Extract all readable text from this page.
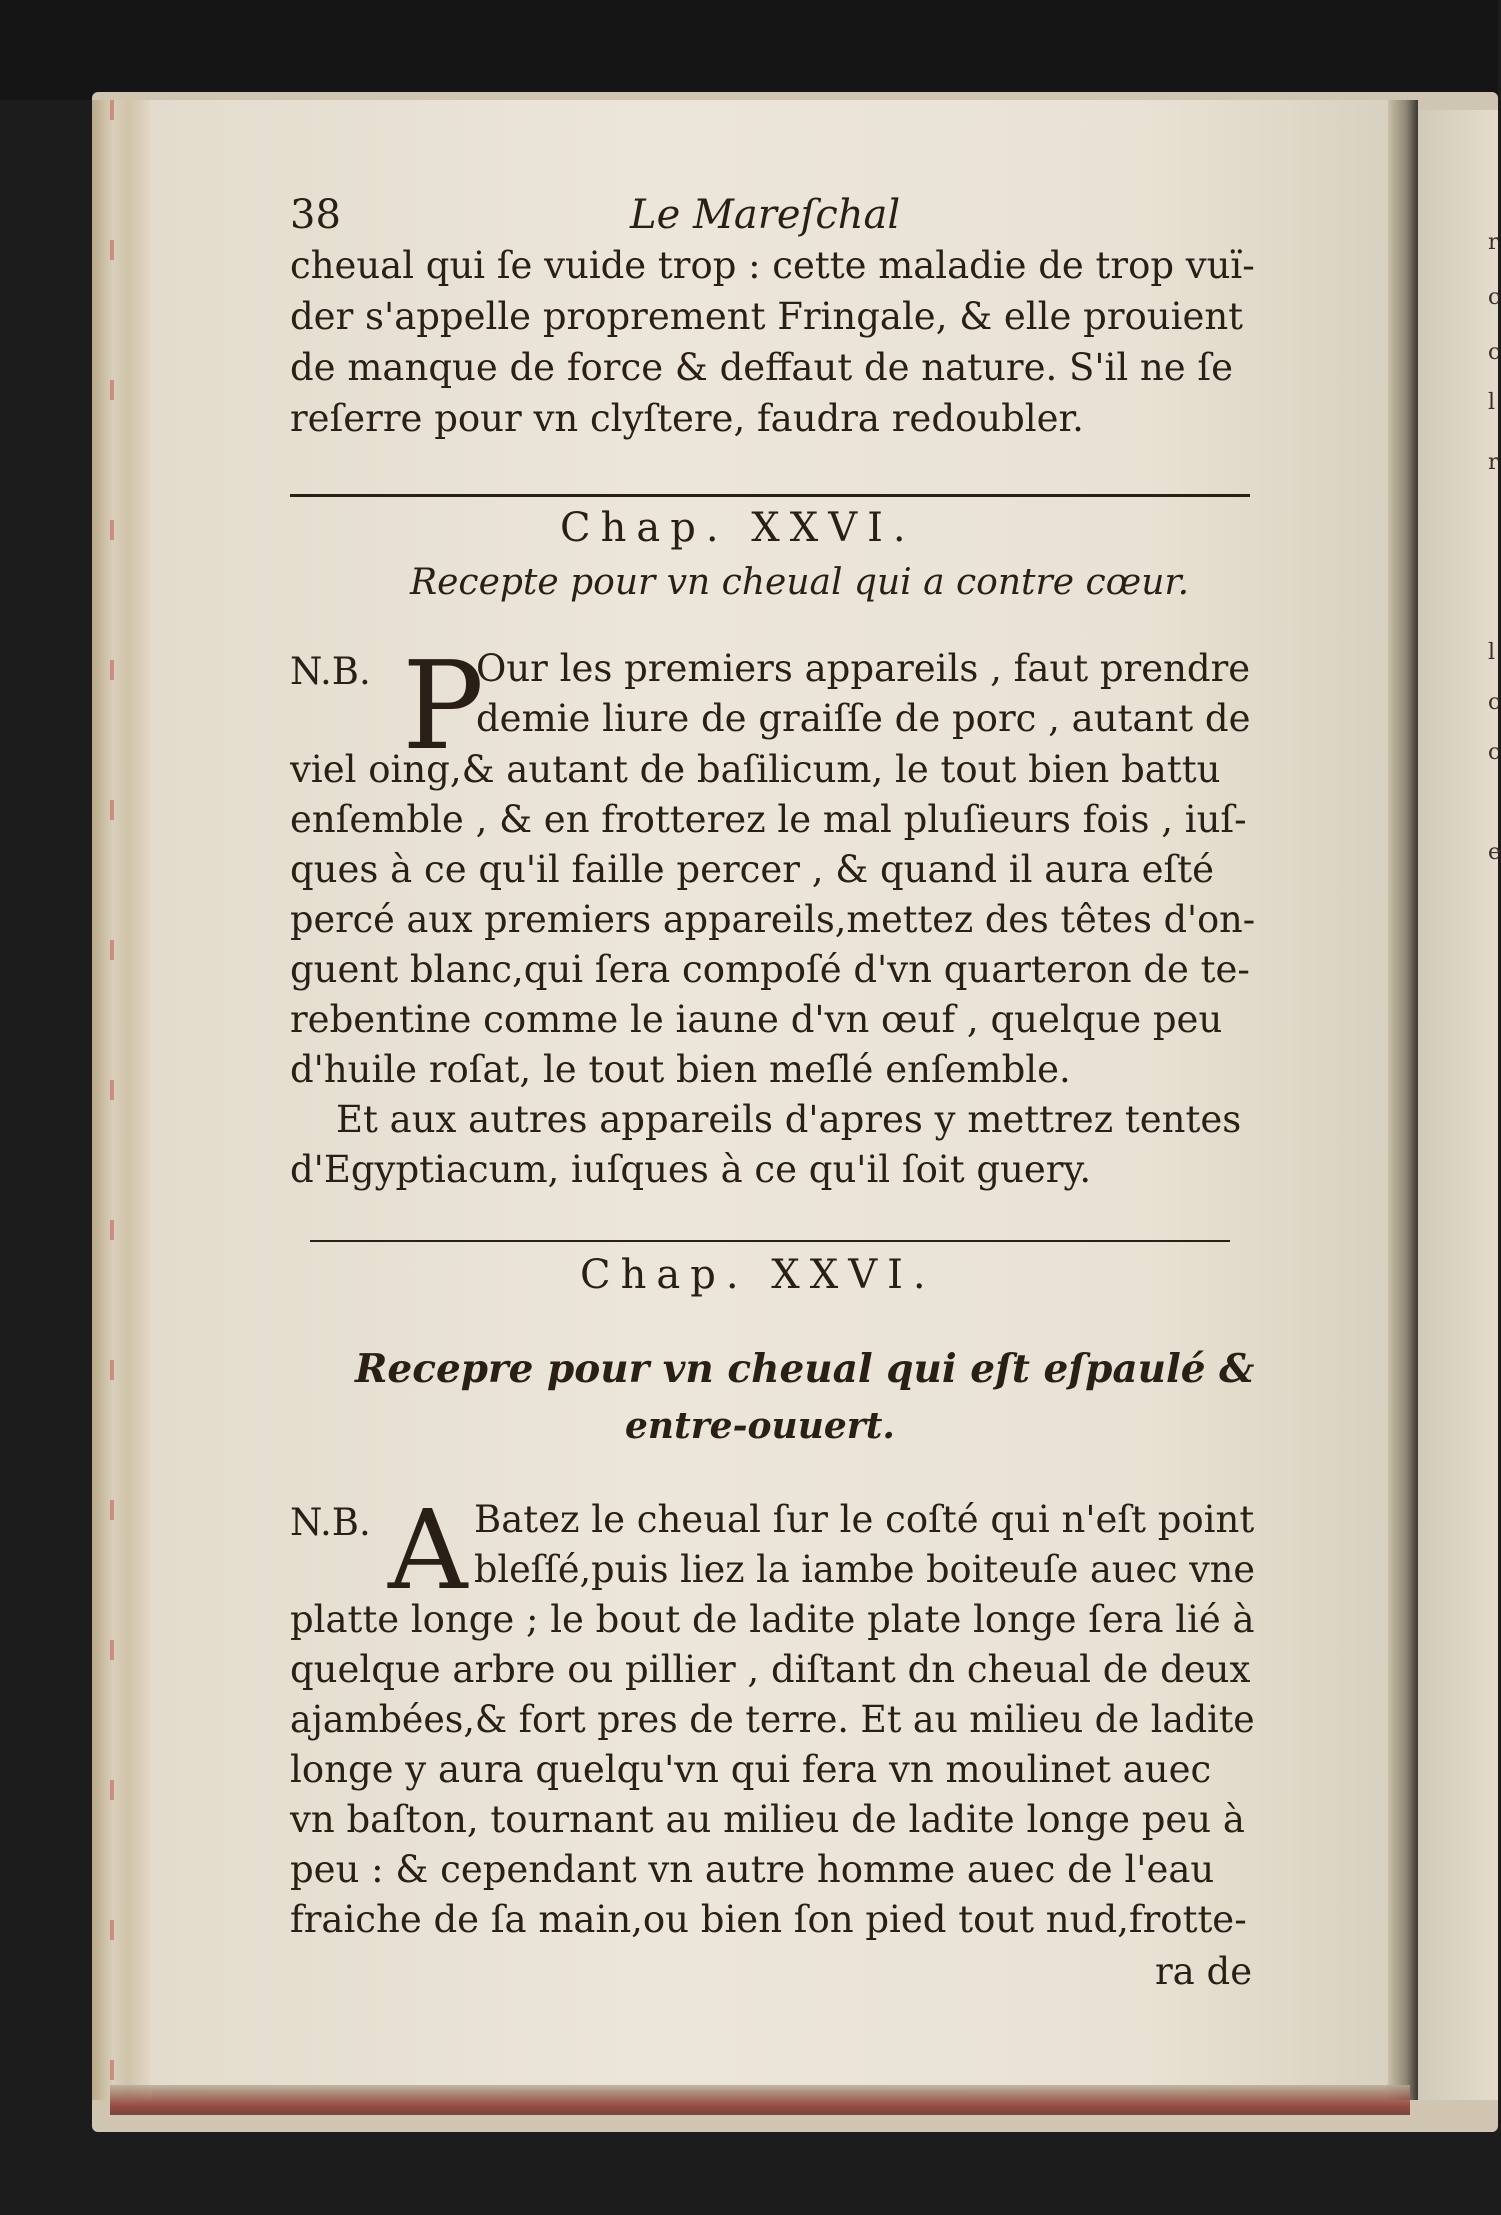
r
c
c
l
r
l
c
c
e
38	Le Mareſchal
cheual qui ſe vuide trop : cette maladie de trop vuï-
der s'appelle proprement Fringale, & elle prouient
de manque de force & deffaut de nature. S'il ne ſe
reſerre pour vn clyſtere, faudra redoubler.
Chap. XXVI.
Recepte pour vn cheual qui a contre cœur.
N.B. P
Our les premiers appareils , faut prendre
demie liure de graiſſe de porc , autant de
viel oing,& autant de baſilicum, le tout bien battu
enſemble , & en frotterez le mal pluſieurs fois , iuſ-
ques à ce qu'il faille percer , & quand il aura eſté
percé aux premiers appareils,mettez des têtes d'on-
guent blanc,qui ſera compoſé d'vn quarteron de te-
rebentine comme le iaune d'vn œuf , quelque peu
d'huile roſat, le tout bien meſlé enſemble.
Et aux autres appareils d'apres y mettrez tentes
d'Egyptiacum, iuſques à ce qu'il ſoit guery.
Chap. XXVI.
Recepre pour vn cheual qui eſt eſpaulé &
entre-ouuert.
N.B. A Batez le cheual ſur le coſté qui n'eſt point
bleſſé,puis liez la iambe boiteuſe auec vne
platte longe ; le bout de ladite plate longe ſera lié à
quelque arbre ou pillier , diſtant dn cheual de deux
ajambées,& fort pres de terre. Et au milieu de ladite
longe y aura quelqu'vn qui fera vn moulinet auec
vn baſton, tournant au milieu de ladite longe peu à
peu : & cependant vn autre homme auec de l'eau
fraiche de ſa main,ou bien ſon pied tout nud,frotte-
ra de
